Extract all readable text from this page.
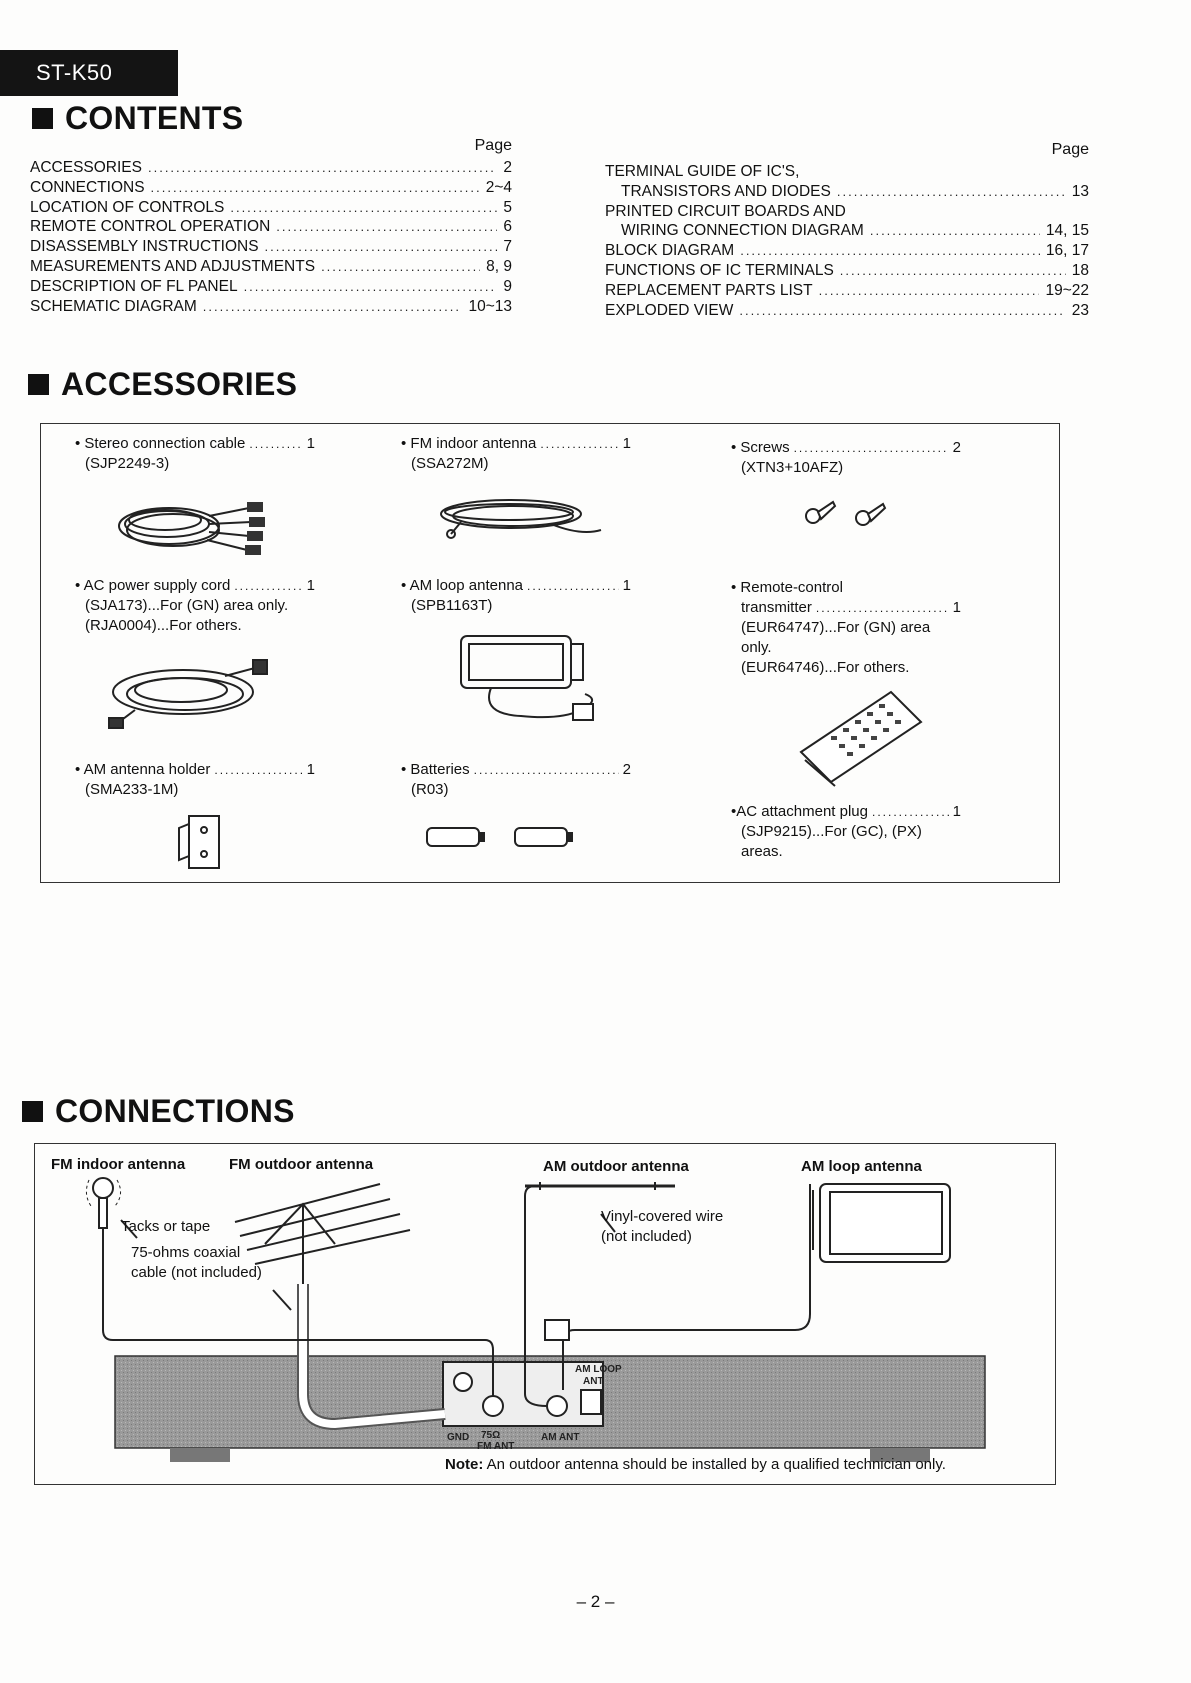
ST-K50
CONTENTS
Page
ACCESSORIES .....	2
CONNECTIONS .....	2~4
LOCATION OF CONTROLS .....	5
REMOTE CONTROL OPERATION .....	6
DISASSEMBLY INSTRUCTIONS .....	7
MEASUREMENTS AND ADJUSTMENTS .....	8, 9
DESCRIPTION OF FL PANEL .....	9
SCHEMATIC DIAGRAM .....	10~13
Page
TERMINAL GUIDE OF IC'S,
TRANSISTORS AND DIODES .....	13
PRINTED CIRCUIT BOARDS AND
WIRING CONNECTION DIAGRAM .....	14, 15
BLOCK DIAGRAM .....	16, 17
FUNCTIONS OF IC TERMINALS .....	18
REPLACEMENT PARTS LIST .....	19~22
EXPLODED VIEW .....	23
ACCESSORIES
• Stereo connection cable .....	1
(SJP2249-3)
• FM indoor antenna .....	1
(SSA272M)
• Screws .....	2
(XTN3+10AFZ)
• AC power supply cord .....	1
(SJA173)...For (GN) area only.
(RJA0004)...For others.
• AM loop antenna .....	1
(SPB1163T)
• Remote-control
transmitter .....	1
(EUR64747)...For (GN) area only.
(EUR64746)...For others.
• AM antenna holder .....	1
(SMA233-1M)
• Batteries .....	2
(R03)
•AC attachment plug .....	1
(SJP9215)...For (GC), (PX)
areas.
CONNECTIONS
AM LOOP
ANT
GND 75Ω
FM ANT
AM ANT
FM indoor antenna	FM outdoor antenna	AM outdoor antenna	AM loop antenna
Tacks or tape
75-ohms coaxial
cable (not included)
Vinyl-covered wire
(not included)
Note: An outdoor antenna should be installed by a qualified technician only.
– 2 –
